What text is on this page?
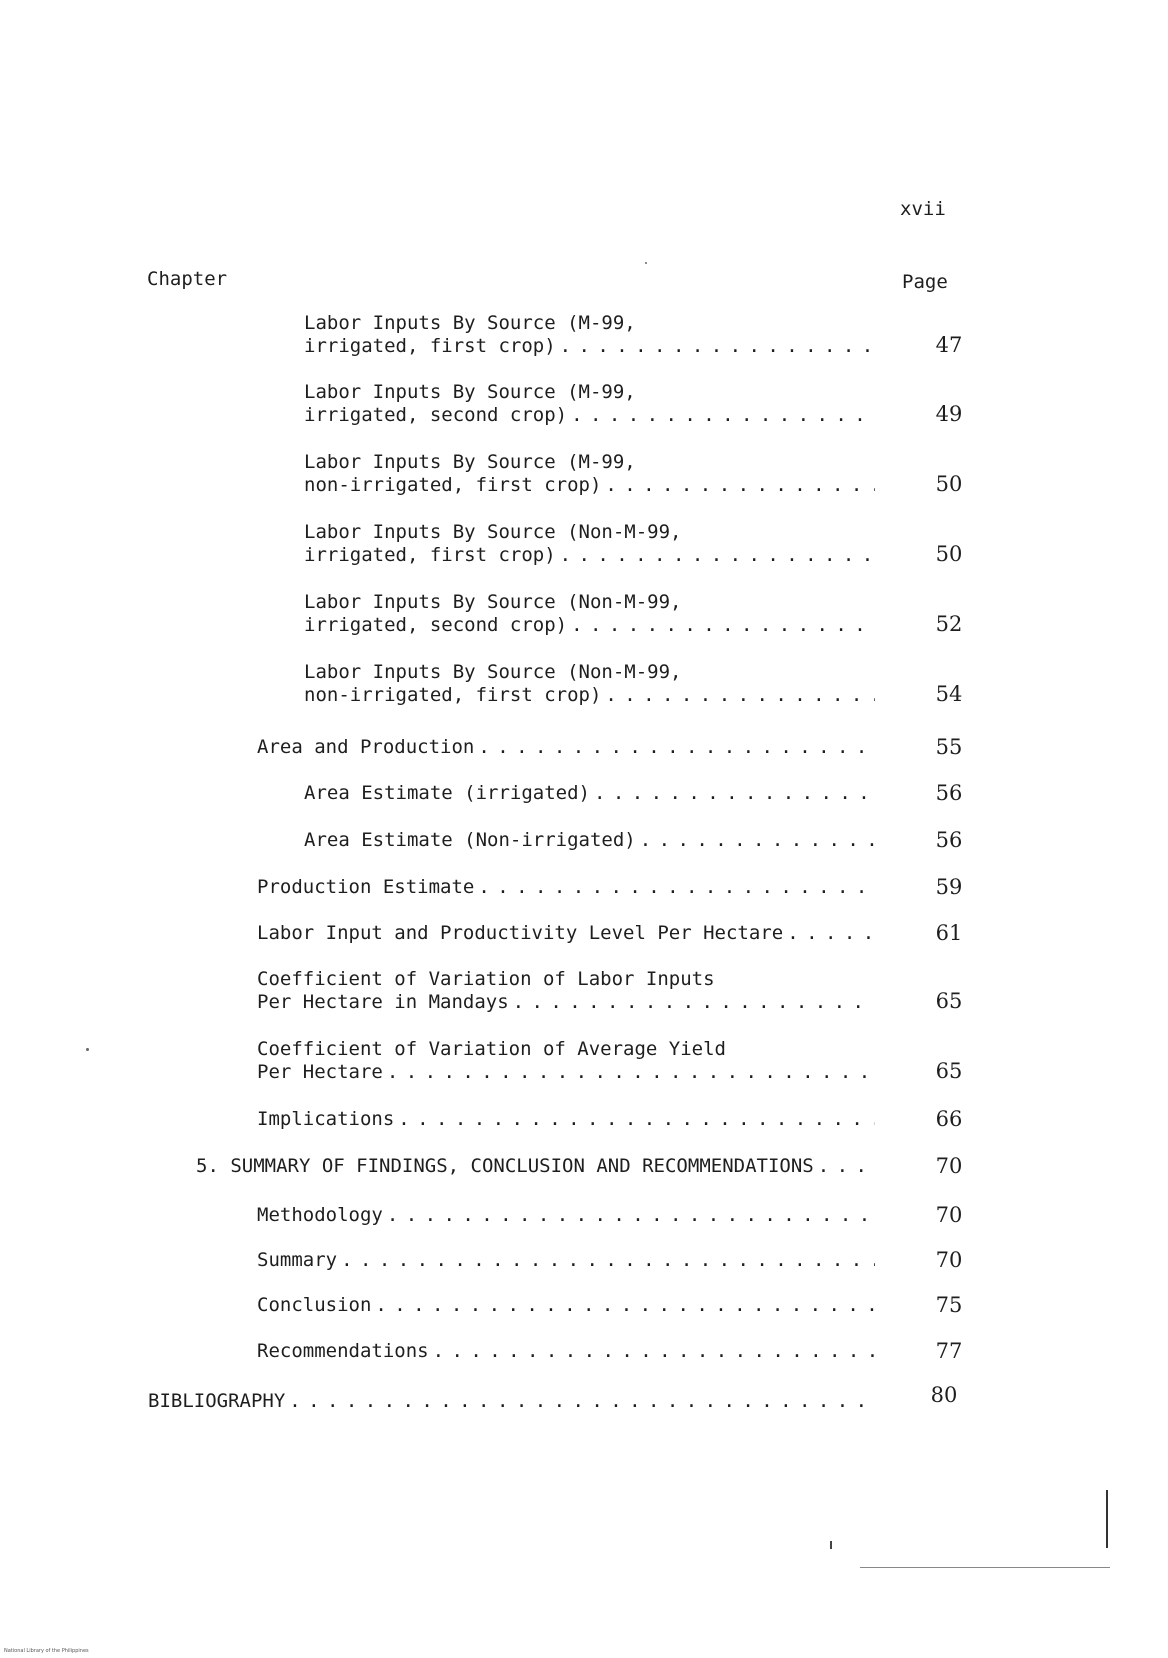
xvii
Chapter	Page
Labor Inputs By Source (M-99,
irrigated, first crop) . . .	47
Labor Inputs By Source (M-99,
irrigated, second crop) . . .	49
Labor Inputs By Source (M-99,
non-irrigated, first crop) . . .	50
Labor Inputs By Source (Non-M-99,
irrigated, first crop) . . .	50
Labor Inputs By Source (Non-M-99,
irrigated, second crop) . . .	52
Labor Inputs By Source (Non-M-99,
non-irrigated, first crop) . . .	54
Area and Production . . .	55
Area Estimate (irrigated) . . .	56
Area Estimate (Non-irrigated) . . .	56
Production Estimate . . .	59
Labor Input and Productivity Level Per Hectare . . .	61
Coefficient of Variation of Labor Inputs
Per Hectare in Mandays . . .	65
Coefficient of Variation of Average Yield
Per Hectare . . .	65
Implications . . .	66
5. SUMMARY OF FINDINGS, CONCLUSION AND RECOMMENDATIONS . . .	70
Methodology . . .	70
Summary . . .	70
Conclusion . . .	75
Recommendations . . .	77
BIBLIOGRAPHY . . .	80
National Library of the Philippines
